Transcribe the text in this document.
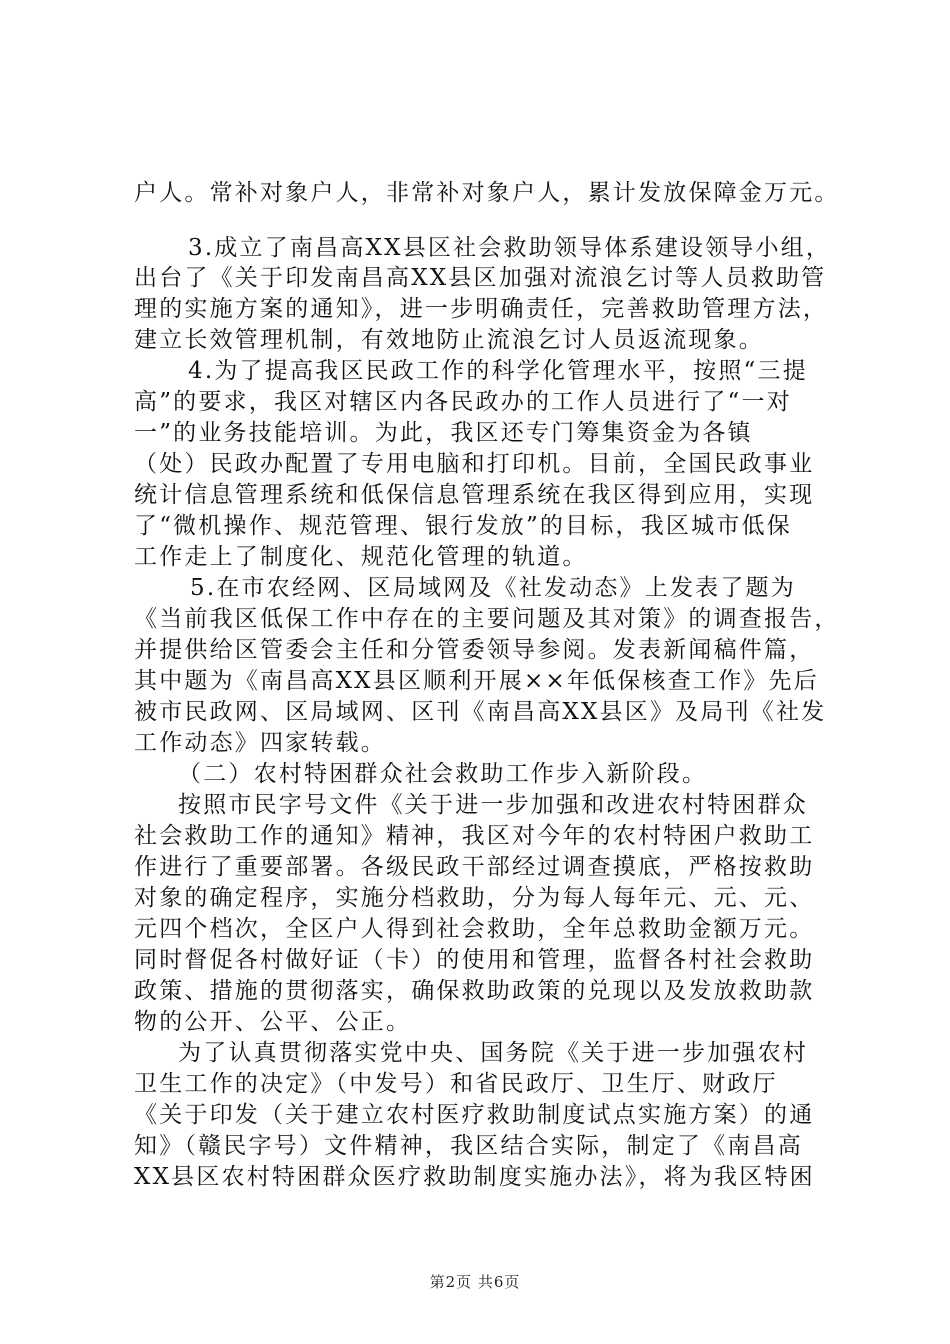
户人。常补对象户人，非常补对象户人，累计发放保障金万元。
3.成立了南昌高XX县区社会救助领导体系建设领导小组，
出台了《关于印发南昌高XX县区加强对流浪乞讨等人员救助管
理的实施方案的通知》，进一步明确责任，完善救助管理方法，
建立长效管理机制，有效地防止流浪乞讨人员返流现象。
4.为了提高我区民政工作的科学化管理水平，按照“三提
高”的要求，我区对辖区内各民政办的工作人员进行了“一对
一”的业务技能培训。为此，我区还专门筹集资金为各镇
（处）民政办配置了专用电脑和打印机。目前，全国民政事业
统计信息管理系统和低保信息管理系统在我区得到应用，实现
了“微机操作、规范管理、银行发放”的目标，我区城市低保
工作走上了制度化、规范化管理的轨道。
5.在市农经网、区局域网及《社发动态》上发表了题为
《当前我区低保工作中存在的主要问题及其对策》的调查报告，
并提供给区管委会主任和分管委领导参阅。发表新闻稿件篇，
其中题为《南昌高XX县区顺利开展××年低保核查工作》先后
被市民政网、区局域网、区刊《南昌高XX县区》及局刊《社发
工作动态》四家转载。
（二）农村特困群众社会救助工作步入新阶段。
按照市民字号文件《关于进一步加强和改进农村特困群众
社会救助工作的通知》精神，我区对今年的农村特困户救助工
作进行了重要部署。各级民政干部经过调查摸底，严格按救助
对象的确定程序，实施分档救助，分为每人每年元、元、元、
元四个档次，全区户人得到社会救助，全年总救助金额万元。
同时督促各村做好证（卡）的使用和管理，监督各村社会救助
政策、措施的贯彻落实，确保救助政策的兑现以及发放救助款
物的公开、公平、公正。
为了认真贯彻落实党中央、国务院《关于进一步加强农村
卫生工作的决定》（中发号）和省民政厅、卫生厅、财政厅
《关于印发（关于建立农村医疗救助制度试点实施方案）的通
知》（赣民字号）文件精神，我区结合实际，制定了《南昌高
XX县区农村特困群众医疗救助制度实施办法》，将为我区特困
第2页 共6页
